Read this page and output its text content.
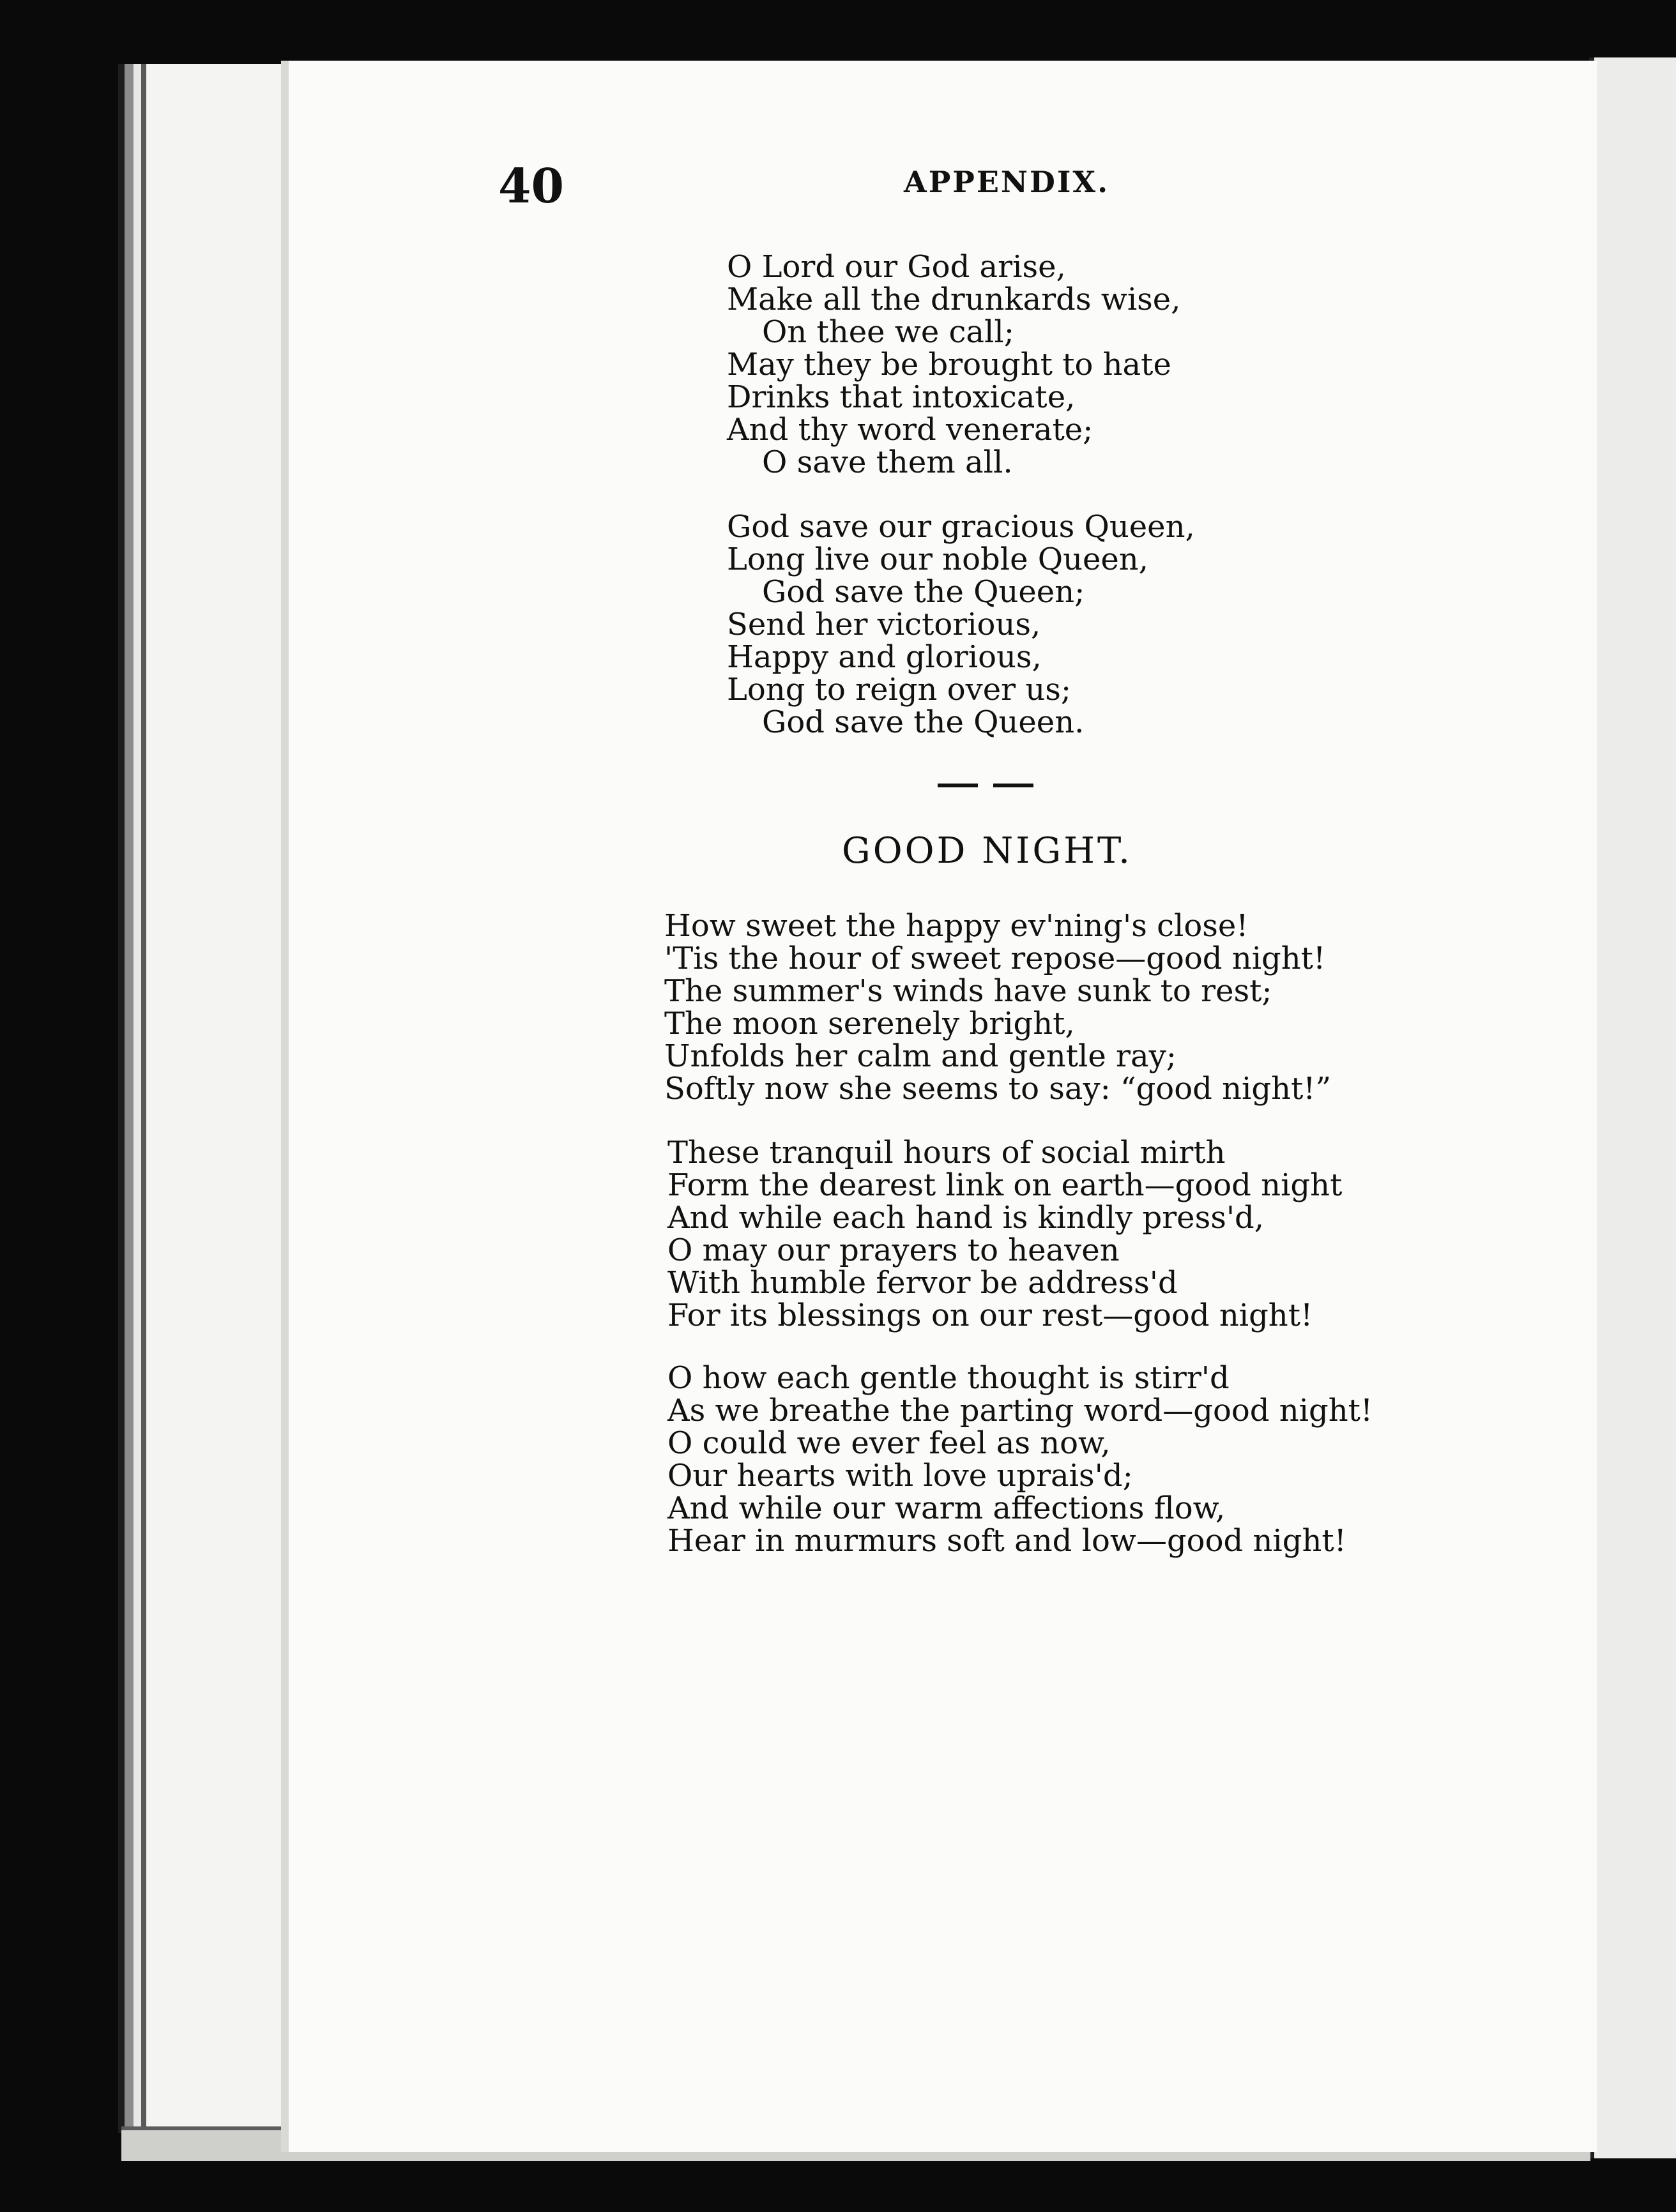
40	APPENDIX.
O Lord our God arise,
Make all the drunkards wise,
On thee we call;
May they be brought to hate
Drinks that intoxicate,
And thy word venerate;
O save them all.
God save our gracious Queen,
Long live our noble Queen,
God save the Queen;
Send her victorious,
Happy and glorious,
Long to reign over us;
God save the Queen.
GOOD NIGHT.
How sweet the happy ev'ning's close!
'Tis the hour of sweet repose—good night!
The summer's winds have sunk to rest;
The moon serenely bright,
Unfolds her calm and gentle ray;
Softly now she seems to say: “good night!”
These tranquil hours of social mirth
Form the dearest link on earth—good night
And while each hand is kindly press'd,
O may our prayers to heaven
With humble fervor be address'd
For its blessings on our rest—good night!
O how each gentle thought is stirr'd
As we breathe the parting word—good night!
O could we ever feel as now,
Our hearts with love uprais'd;
And while our warm affections flow,
Hear in murmurs soft and low—good night!
